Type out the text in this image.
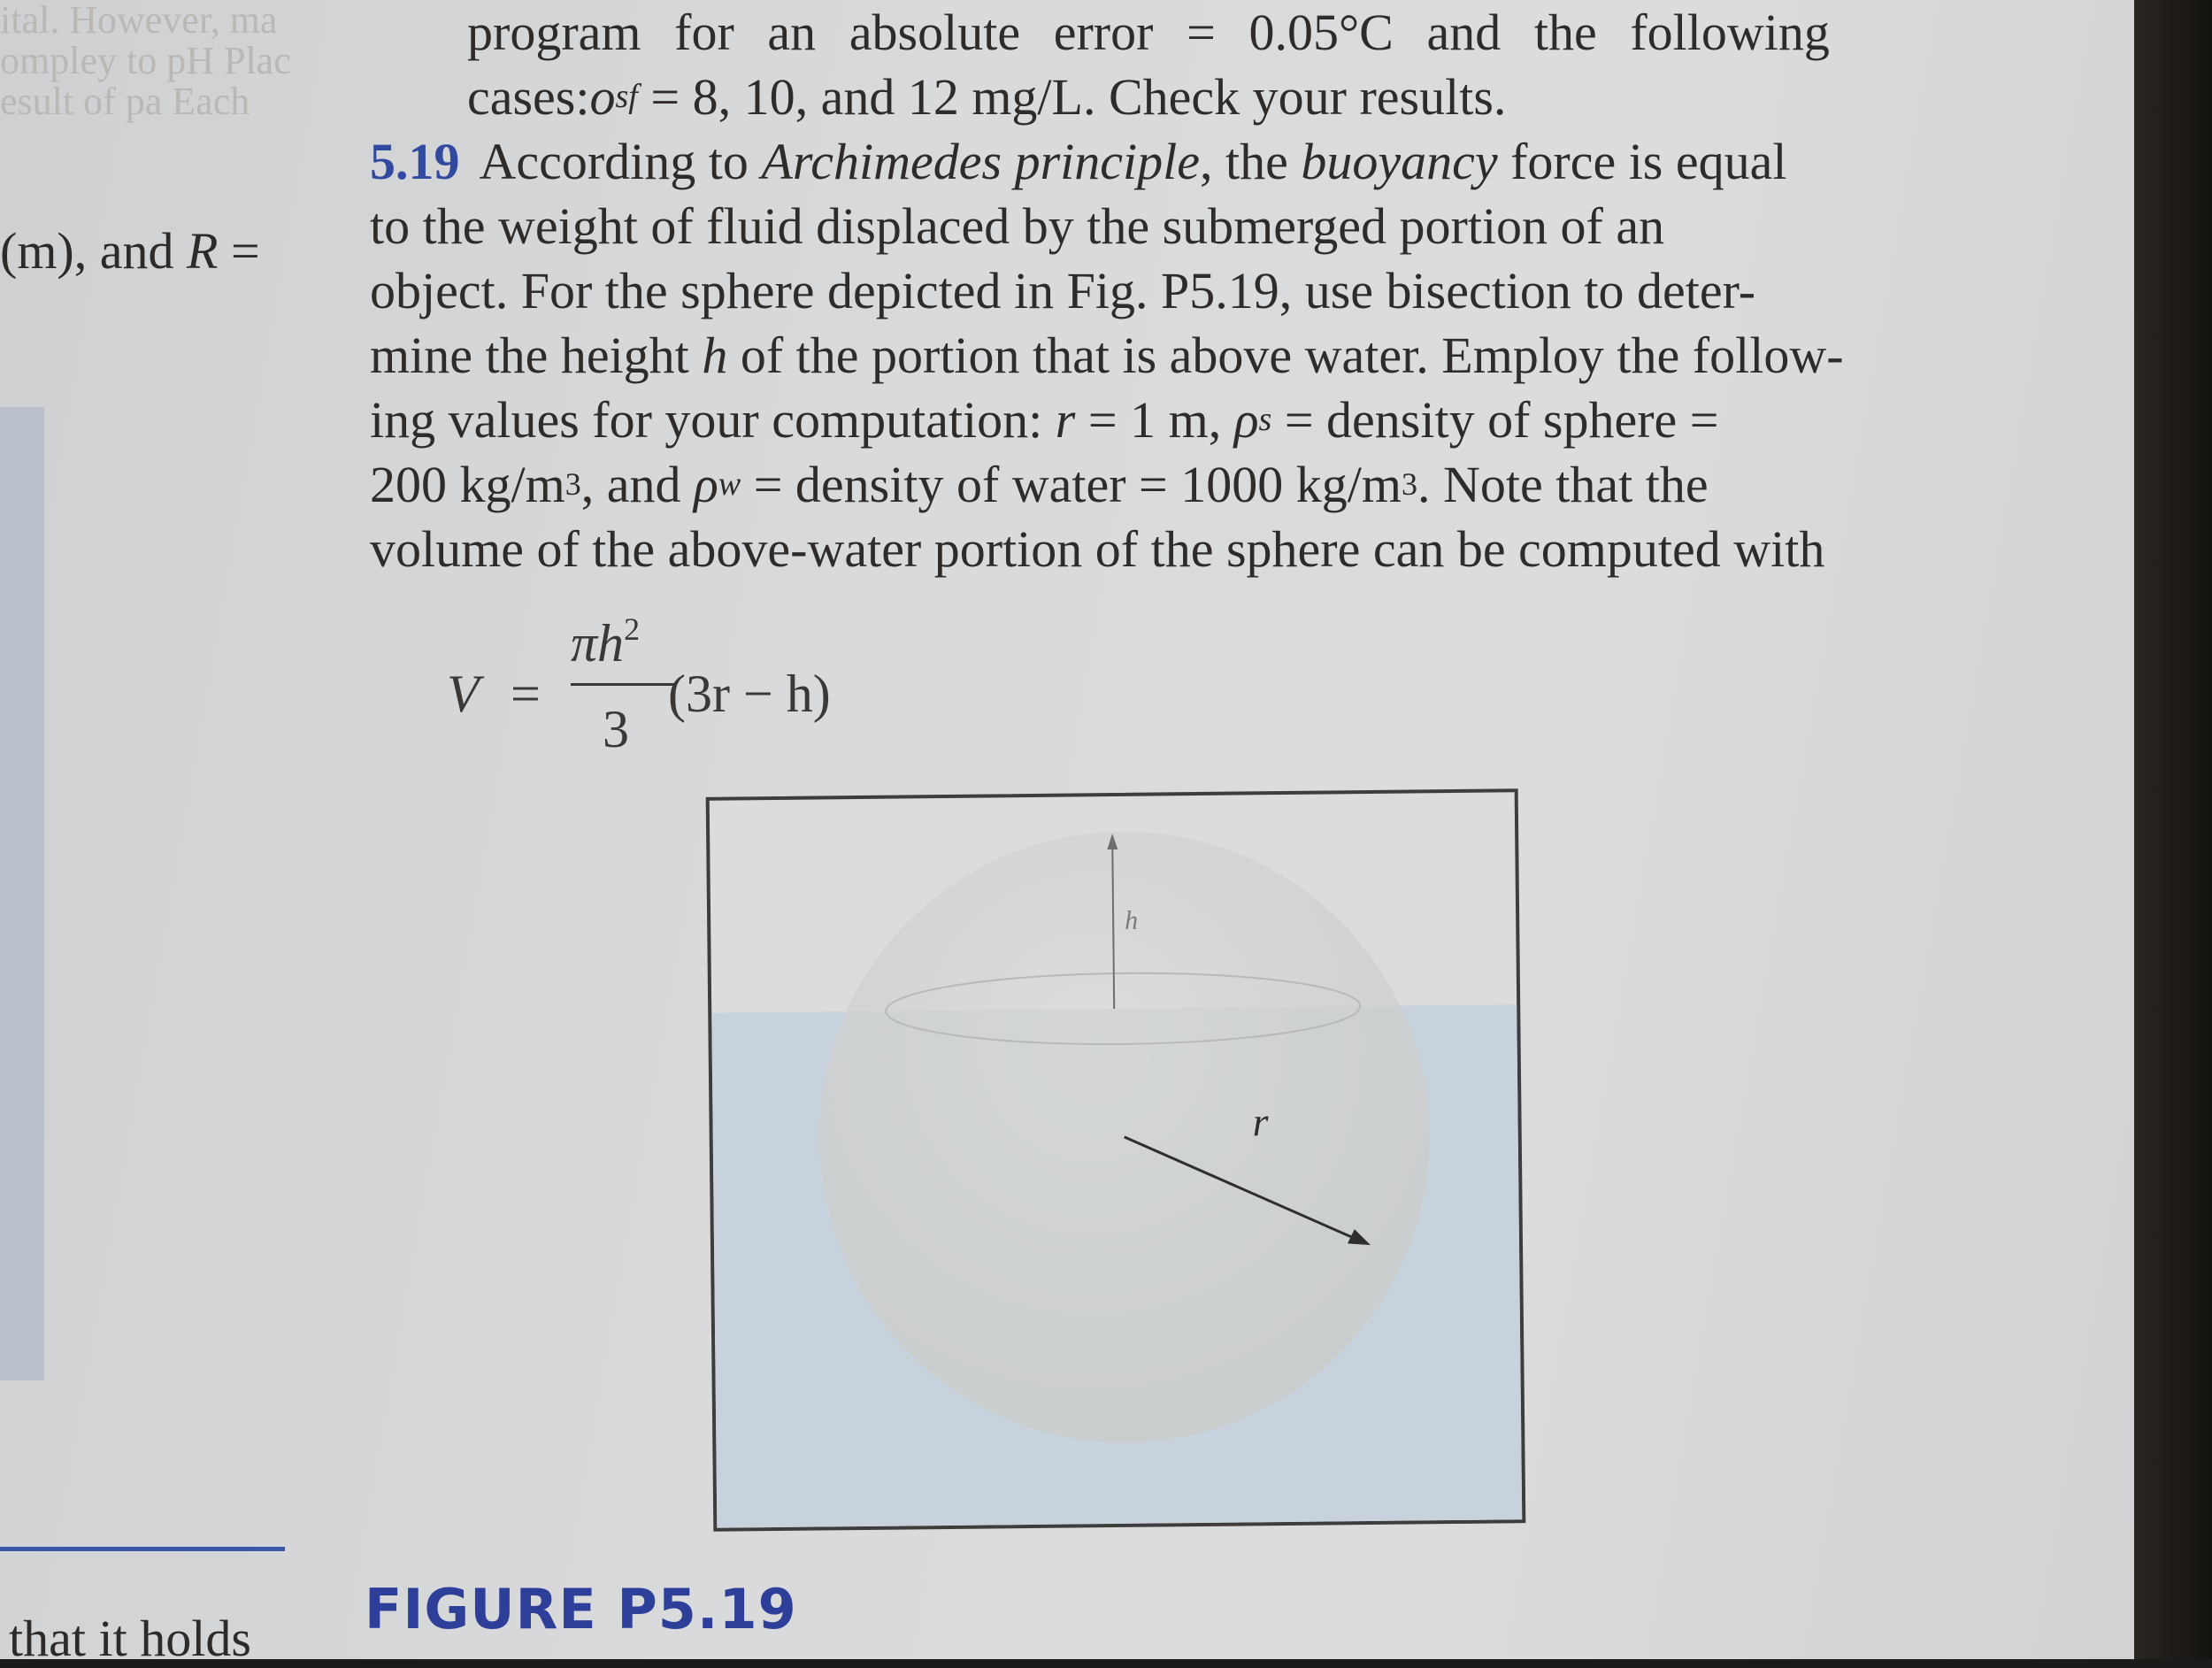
ital. However, ma
ompley to pH Plac
esult of pa Each
(m), and R =
that it holds
program for an absolute error = 0.05°C and the following
cases: o sf = 8, 10, and 12 mg/L. Check your results.
5.19 According to Archimedes principle , the buoyancy force is equal
to the weight of fluid displaced by the submerged portion of an
object. For the sphere depicted in Fig. P5.19, use bisection to deter-
mine the height h of the portion that is above water. Employ the follow-
ing values for your computation: r = 1 m, ρ s = density of sphere =
200 kg/m 3 , and ρ w = density of water = 1000 kg/m 3 . Note that the
volume of the above-water portion of the sphere can be computed with
V =
$\pi h^2$
3
(3r − h)
h
r
FIGURE P5.19
